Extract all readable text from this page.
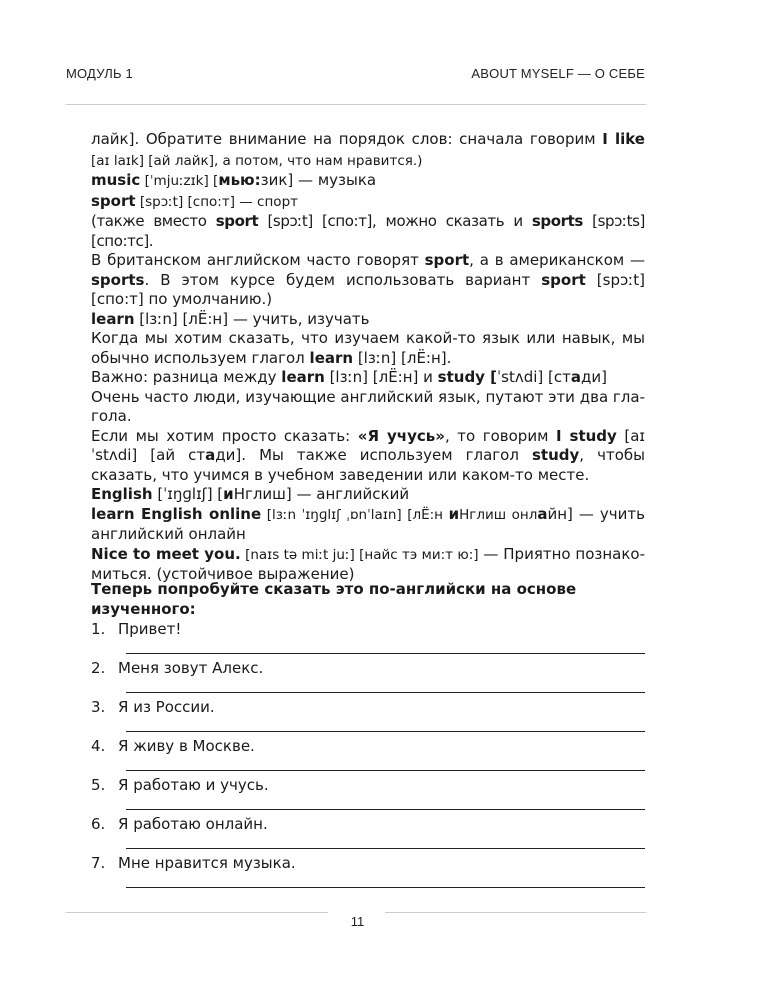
МОДУЛЬ 1	ABOUT MYSELF — О СЕБЕ

лайк]. Обратите внимание на порядок слов: сначала говорим I like [aɪ laɪk] [ай лайк], а потом, что нам нравится.)

music [ˈmjuːzɪk] [мью:зик] — музыка

sport [spɔːt] [спо:т] — спорт

(также вместо sport [spɔːt] [спо:т], можно сказать и sports [spɔːts] [спо:тс].

В британском английском часто говорят sport, а в американском — sports. В этом курсе будем использовать вариант sport [spɔːt] [спо:т] по умолчанию.)

learn [lɜːn] [лЁ:н] — учить, изучать

Когда мы хотим сказать, что изучаем какой-то язык или навык, мы обычно используем глагол learn [lɜːn] [лЁ:н].

Важно: разница между learn [lɜːn] [лЁ:н] и study [ˈstʌdi] [стади]

Очень часто люди, изучающие английский язык, путают эти два гла-гола.

Если мы хотим просто сказать: «Я учусь», то говорим I study [aɪ ˈstʌdi] [ай стади]. Мы также используем глагол study, чтобы сказать, что учимся в учебном заведении или каком-то месте.

English [ˈɪŋɡlɪʃ] [иНглиш] — английский

learn English online [lɜːn ˈɪŋɡlɪʃ ˌɒnˈlaɪn] [лЁ:н иНглиш онлайн] — учить английский онлайн

Nice to meet you. [naɪs tə miːt juː] [найс тэ ми:т ю:] — Приятно познако-миться. (устойчивое выражение)

Теперь попробуйте сказать это по-английски на основе изученного:
1. Привет!
2. Меня зовут Алекс.
3. Я из России.
4. Я живу в Москве.
5. Я работаю и учусь.
6. Я работаю онлайн.
7. Мне нравится музыка.
11
